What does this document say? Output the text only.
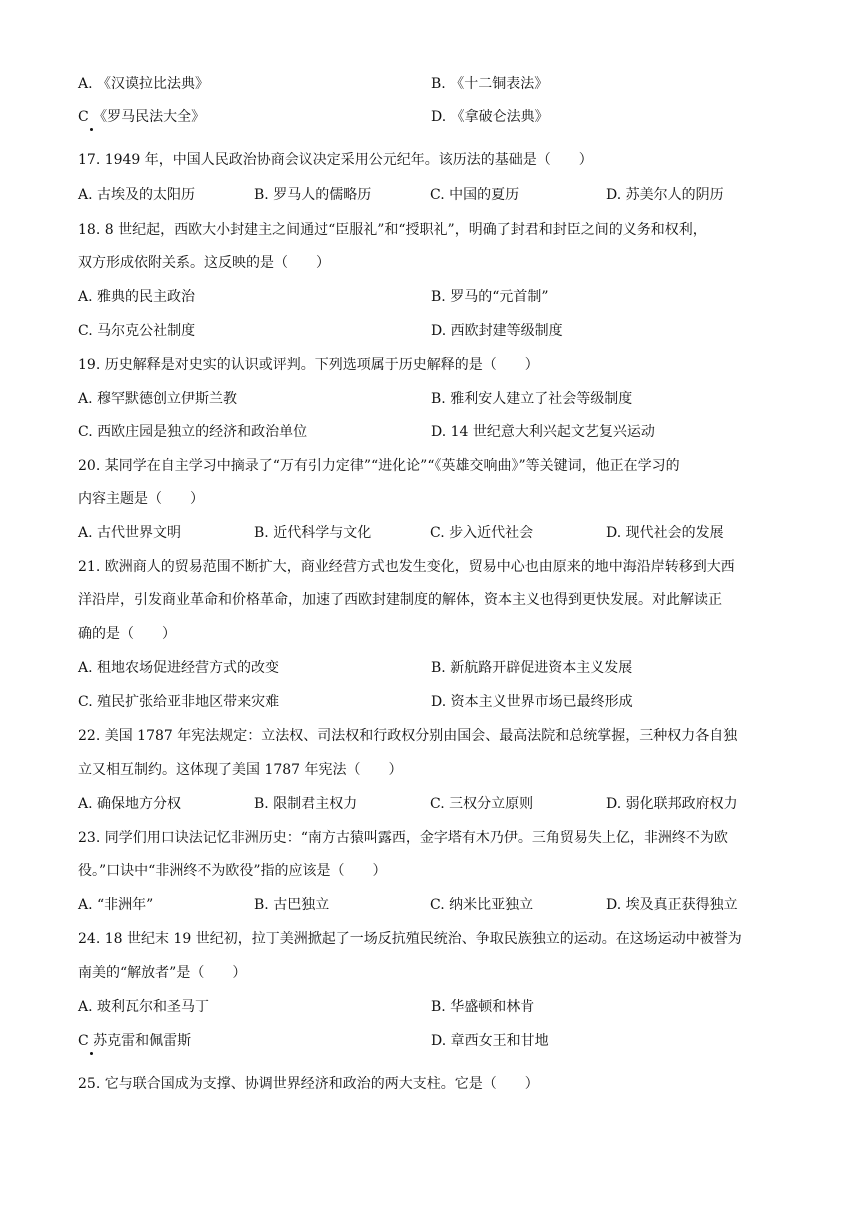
A. 《汉谟拉比法典》	B. 《十二铜表法》
C 《罗马民法大全》	D. 《拿破仑法典》
17. 1949 年，中国人民政治协商会议决定采用公元纪年。该历法的基础是（　　）
A. 古埃及的太阳历	B. 罗马人的儒略历	C. 中国的夏历	D. 苏美尔人的阴历
18. 8 世纪起，西欧大小封建主之间通过“臣服礼”和“授职礼”，明确了封君和封臣之间的义务和权利，
双方形成依附关系。这反映的是（　　）
A. 雅典的民主政治	B. 罗马的“元首制”
C. 马尔克公社制度	D. 西欧封建等级制度
19. 历史解释是对史实的认识或评判。下列选项属于历史解释的是（　　）
A. 穆罕默德创立伊斯兰教	B. 雅利安人建立了社会等级制度
C. 西欧庄园是独立的经济和政治单位	D. 14 世纪意大利兴起文艺复兴运动
20. 某同学在自主学习中摘录了“万有引力定律”“进化论”“《英雄交响曲》”等关键词，他正在学习的
内容主题是（　　）
A. 古代世界文明	B. 近代科学与文化	C. 步入近代社会	D. 现代社会的发展
21. 欧洲商人的贸易范围不断扩大，商业经营方式也发生变化，贸易中心也由原来的地中海沿岸转移到大西
洋沿岸，引发商业革命和价格革命，加速了西欧封建制度的解体，资本主义也得到更快发展。对此解读正
确的是（　　）
A. 租地农场促进经营方式的改变	B. 新航路开辟促进资本主义发展
C. 殖民扩张给亚非地区带来灾难	D. 资本主义世界市场已最终形成
22. 美国 1787 年宪法规定：立法权、司法权和行政权分别由国会、最高法院和总统掌握，三种权力各自独
立又相互制约。这体现了美国 1787 年宪法（　　）
A. 确保地方分权	B. 限制君主权力	C. 三权分立原则	D. 弱化联邦政府权力
23. 同学们用口诀法记忆非洲历史：“南方古猿叫露西，金字塔有木乃伊。三角贸易失上亿，非洲终不为欧
役。”口诀中“非洲终不为欧役”指的应该是（　　）
A. “非洲年”	B. 古巴独立	C. 纳米比亚独立	D. 埃及真正获得独立
24. 18 世纪末 19 世纪初，拉丁美洲掀起了一场反抗殖民统治、争取民族独立的运动。在这场运动中被誉为
南美的“解放者”是（　　）
A. 玻利瓦尔和圣马丁	B. 华盛顿和林肯
C 苏克雷和佩雷斯	D. 章西女王和甘地
25. 它与联合国成为支撑、协调世界经济和政治的两大支柱。它是（　　）
